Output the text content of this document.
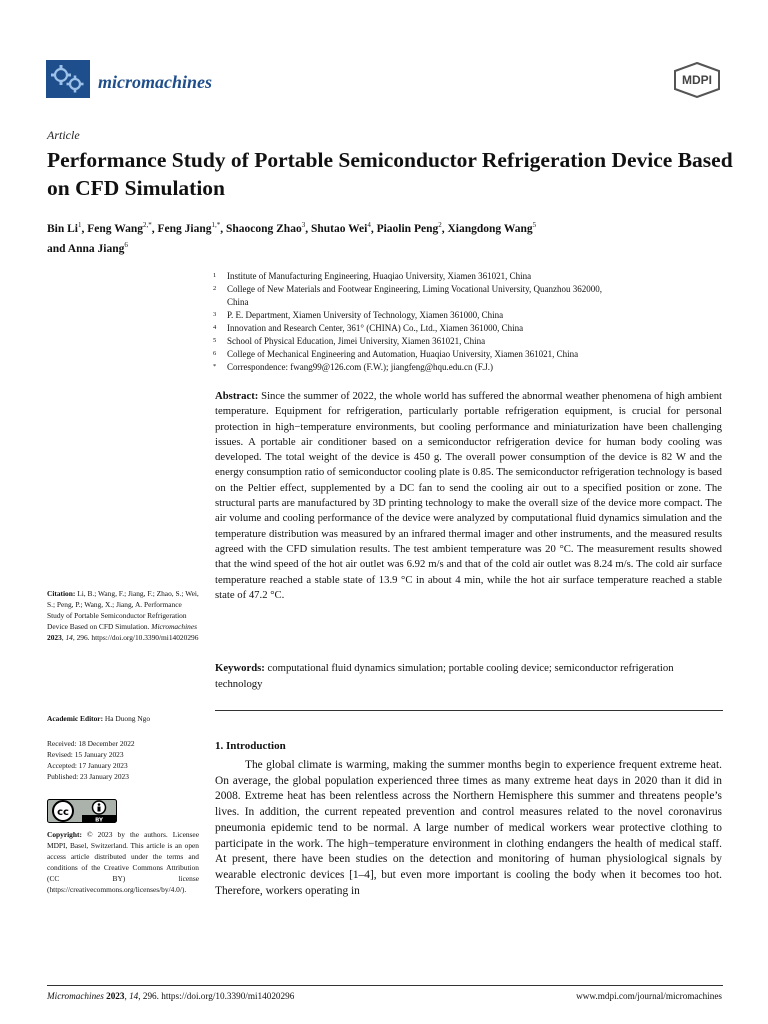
micromachines	MDPI
Article
Performance Study of Portable Semiconductor Refrigeration Device Based on CFD Simulation
Bin Li$^1$, Feng Wang$^{2,*}$, Feng Jiang$^{1,*}$, Shaocong Zhao$^3$, Shutao Wei$^4$, Piaolin Peng$^2$, Xiangdong Wang$^5$
and Anna Jiang$^6$
1 Institute of Manufacturing Engineering, Huaqiao University, Xiamen 361021, China
2 College of New Materials and Footwear Engineering, Liming Vocational University, Quanzhou 362000, China
3 P. E. Department, Xiamen University of Technology, Xiamen 361000, China
4 Innovation and Research Center, 361° (CHINA) Co., Ltd., Xiamen 361000, China
5 School of Physical Education, Jimei University, Xiamen 361021, China
6 College of Mechanical Engineering and Automation, Huaqiao University, Xiamen 361021, China
* Correspondence: fwang99@126.com (F.W.); jiangfeng@hqu.edu.cn (F.J.)

Abstract: Since the summer of 2022, the whole world has suffered the abnormal weather phenomena of high ambient temperature. Equipment for refrigeration, particularly portable refrigeration equipment, is crucial for personal protection in high−temperature environments, but cooling performance and miniaturization have been challenging issues. A portable air conditioner based on a semiconductor refrigeration device for human body cooling was developed. The total weight of the device is 450 g. The overall power consumption of the device is 82 W and the energy consumption ratio of semiconductor cooling plate is 0.85. The semiconductor refrigeration technology is based on the Peltier effect, supplemented by a DC fan to send the cooling air out to a specified position or zone. The structural parts are manufactured by 3D printing technology to make the overall size of the device more compact. The air volume and cooling performance of the device were analyzed by computational fluid dynamics simulation and the temperature distribution was measured by an infrared thermal imager and other instruments, and the measured results agreed with the CFD simulation results. The test ambient temperature was 20 °C. The measurement results showed that the wind speed of the hot air outlet was 6.92 m/s and that of the cold air outlet was 8.24 m/s. The cold air surface temperature reached a stable state of 13.9 °C in about 4 min, while the hot air surface temperature reached a stable state of 47.2 °C.

Keywords: computational fluid dynamics simulation; portable cooling device; semiconductor refrigeration technology

1. Introduction

The global climate is warming, making the summer months begin to experience frequent extreme heat. On average, the global population experienced three times as many extreme heat days in 2020 than it did in 2008. Extreme heat has been relentless across the Northern Hemisphere this summer and threatens people’s lives. In addition, the current repeated prevention and control measures related to the novel coronavirus pneumonia epidemic tend to be normal. A large number of medical workers wear protective clothing to participate in the work. The high−temperature environment in clothing endangers the health of medical staff. At present, there have been studies on the detection and monitoring of human physiological signals by wearable electronic devices [1–4], but even more important is cooling the body when it becomes too hot. Therefore, workers operating in

Citation: Li, B.; Wang, F.; Jiang, F.; Zhao, S.; Wei, S.; Peng, P.; Wang, X.; Jiang, A. Performance Study of Portable Semiconductor Refrigeration Device Based on CFD Simulation. Micromachines 2023, 14, 296. https://doi.org/10.3390/mi14020296
Academic Editor: Ha Duong Ngo
Received: 18 December 2022
Revised: 15 January 2023
Accepted: 17 January 2023
Published: 23 January 2023
cc
BY
Copyright: © 2023 by the authors. Licensee MDPI, Basel, Switzerland. This article is an open access article distributed under the terms and conditions of the Creative Commons Attribution (CC BY) license (https://creativecommons.org/licenses/by/4.0/).
Micromachines 2023, 14, 296. https://doi.org/10.3390/mi14020296	www.mdpi.com/journal/micromachines
